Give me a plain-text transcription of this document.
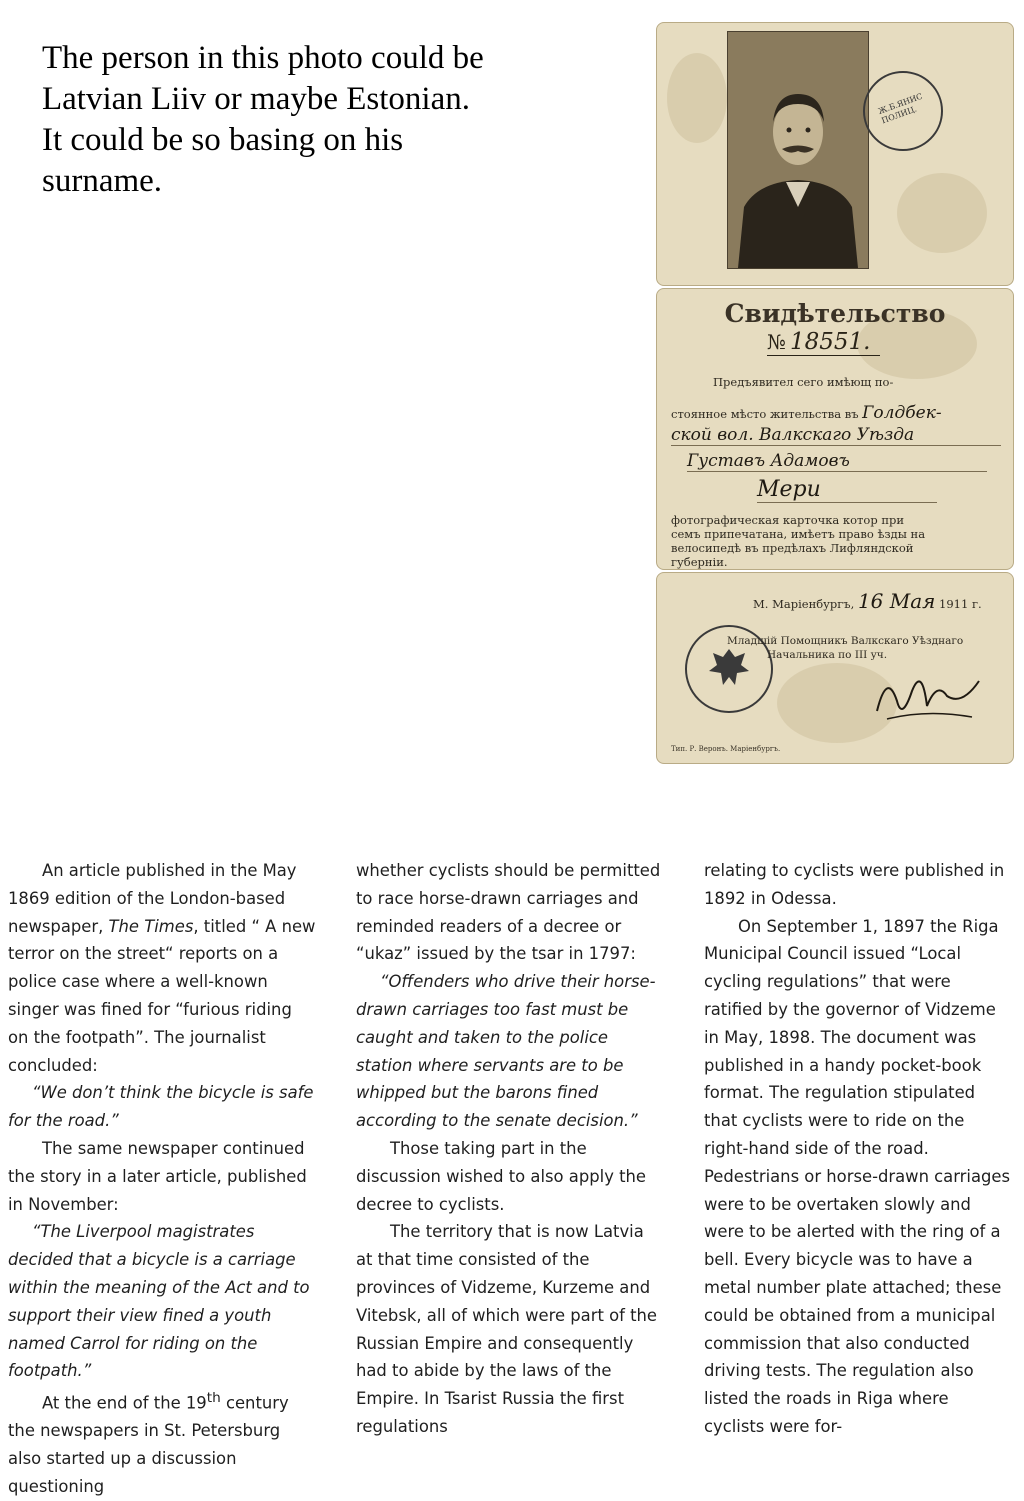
The person in this photo could be
Latvian Liiv or maybe Estonian.
It could be so basing on his
surname.
Ж.Б.ЯНИС
ПОЛИЦ.
Свидѣтельство
№ 18551.
Предъявител сего имѣющ по-
стоянное мѣсто жительства въ Голдбек-
ской вол. Валкскаго Уѣзда
Густавъ Адамовъ
Мери
фотографическая карточка котор при
семъ припечатана, имѣетъ право ѣзды на
велосипедѣ въ предѣлахъ Лифляндской
губерніи.
М. Маріенбургъ, 16 Мая 1911 г.
Младшій Помощникъ Валкскаго Уѣзднаго
Начальника по III уч.
Тип. Р. Веронъ. Маріенбургъ.

An article published in the May 1869 edition of the London-based newspaper, The Times, titled “ A new terror on the street“ reports on a police case where a well-known singer was fined for “furious riding on the footpath”. The journalist concluded:

“We don’t think the bicycle is safe for the road.”

The same newspaper continued the story in a later article, published in November:

“The Liverpool magistrates decided that a bicycle is a carriage within the meaning of the Act and to support their view fined a youth named Carrol for riding on the footpath.”

At the end of the 19th century the newspapers in St. Petersburg also started up a discussion questioning

whether cyclists should be permitted to race horse-drawn carriages and reminded readers of a decree or “ukaz” issued by the tsar in 1797:

“Offenders who drive their horse-drawn carriages too fast must be caught and taken to the police station where servants are to be whipped but the barons fined according to the senate decision.”

Those taking part in the discussion wished to also apply the decree to cyclists.

The territory that is now Latvia at that time consisted of the provinces of Vidzeme, Kurzeme and Vitebsk, all of which were part of the Russian Empire and consequently had to abide by the laws of the Empire. In Tsarist Russia the first regulations

relating to cyclists were published in 1892 in Odessa.

On September 1, 1897 the Riga Municipal Council issued “Local cycling regulations” that were ratified by the governor of Vidzeme in May, 1898. The document was published in a handy pocket-book format. The regulation stipulated that cyclists were to ride on the right-hand side of the road. Pedestrians or horse-drawn carriages were to be overtaken slowly and were to be alerted with the ring of a bell. Every bicycle was to have a metal number plate attached; these could be obtained from a municipal commission that also conducted driving tests. The regulation also listed the roads in Riga where cyclists were for-
